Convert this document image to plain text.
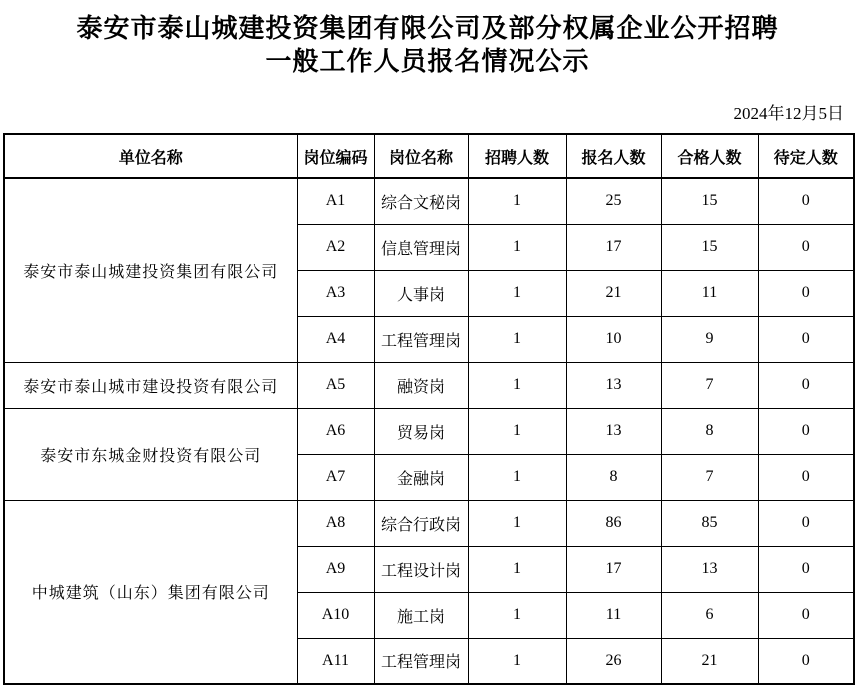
泰安市泰山城建投资集团有限公司及部分权属企业公开招聘
一般工作人员报名情况公示
2024年12月5日
单位名称	岗位编码	岗位名称	招聘人数	报名人数	合格人数	待定人数
泰安市泰山城建投资集团有限公司	A1	综合文秘岗	1	25	15	0
	A2	信息管理岗	1	17	15	0
	A3	人事岗	1	21	11	0
	A4	工程管理岗	1	10	9	0
泰安市泰山城市建设投资有限公司	A5	融资岗	1	13	7	0
泰安市东城金财投资有限公司	A6	贸易岗	1	13	8	0
	A7	金融岗	1	8	7	0
中城建筑（山东）集团有限公司	A8	综合行政岗	1	86	85	0
	A9	工程设计岗	1	17	13	0
	A10	施工岗	1	11	6	0
	A11	工程管理岗	1	26	21	0
